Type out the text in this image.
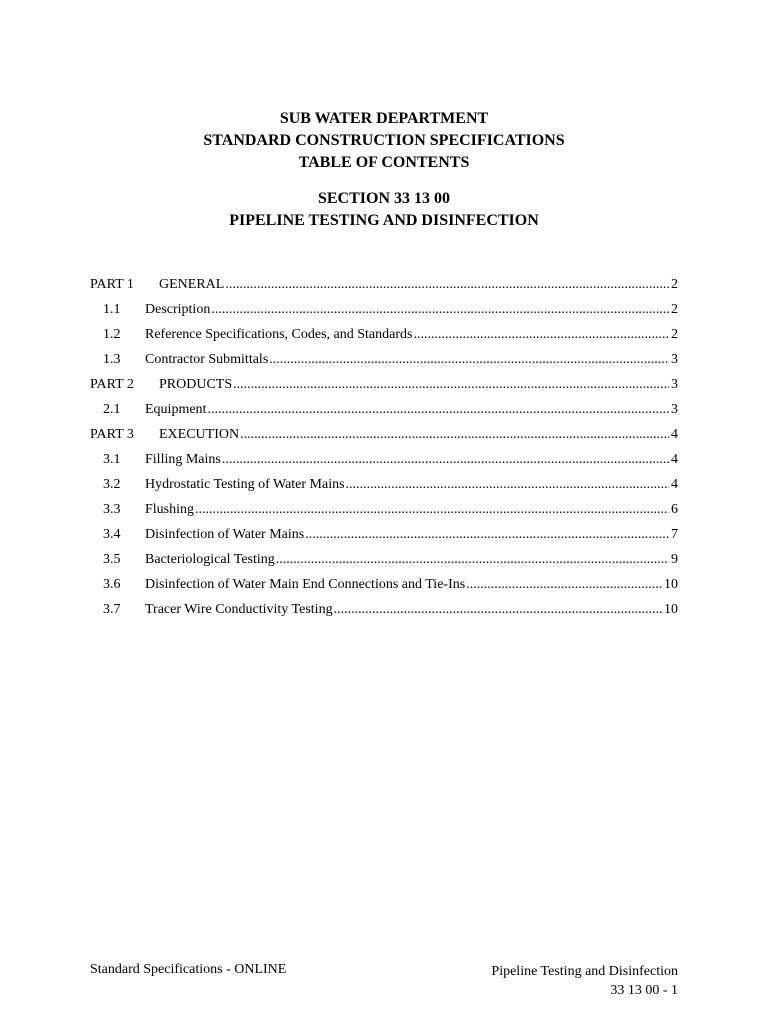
SUB WATER DEPARTMENT
STANDARD CONSTRUCTION SPECIFICATIONS
TABLE OF CONTENTS
SECTION 33 13 00
PIPELINE TESTING AND DISINFECTION
PART 1	GENERAL .....	2
1.1	Description .....	2
1.2	Reference Specifications, Codes, and Standards .....	2
1.3	Contractor Submittals .....	3
PART 2	PRODUCTS .....	3
2.1	Equipment .....	3
PART 3	EXECUTION .....	4
3.1	Filling Mains .....	4
3.2	Hydrostatic Testing of Water Mains .....	4
3.3	Flushing .....	6
3.4	Disinfection of Water Mains .....	7
3.5	Bacteriological Testing .....	9
3.6	Disinfection of Water Main End Connections and Tie-Ins .....	10
3.7	Tracer Wire Conductivity Testing .....	10
Standard Specifications - ONLINE	Pipeline Testing and Disinfection
33 13 00 - 1
